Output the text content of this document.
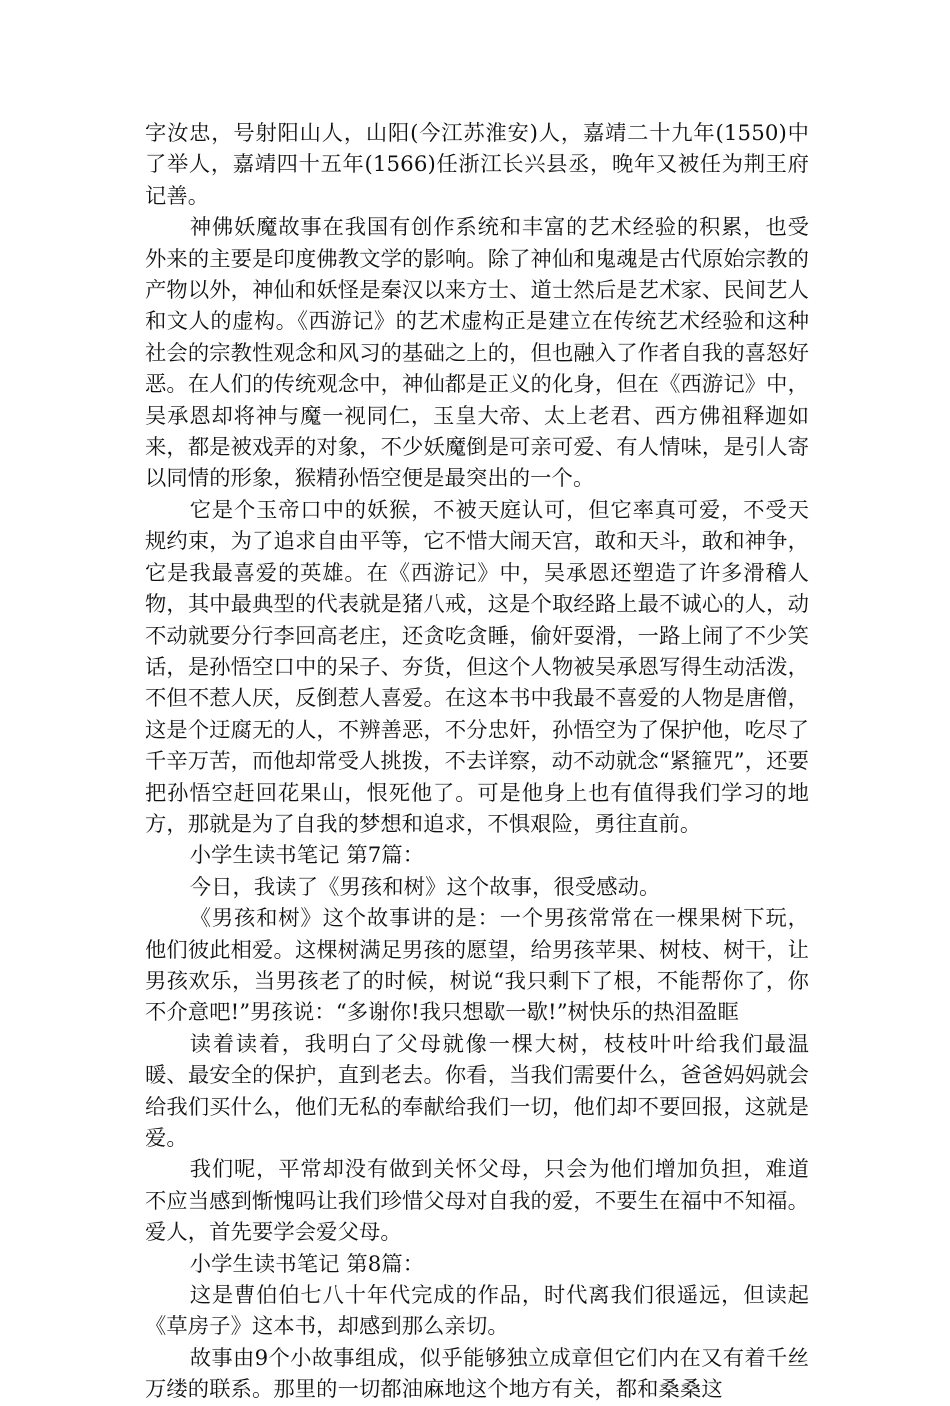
字汝忠，号射阳山人，山阳(今江苏淮安)人，嘉靖二十九年(1550)中了举人，嘉靖四十五年(1566)任浙江长兴县丞，晚年又被任为荆王府记善。

神佛妖魔故事在我国有创作系统和丰富的艺术经验的积累，也受外来的主要是印度佛教文学的影响。除了神仙和鬼魂是古代原始宗教的产物以外，神仙和妖怪是秦汉以来方士、道士然后是艺术家、民间艺人和文人的虚构。《西游记》的艺术虚构正是建立在传统艺术经验和这种社会的宗教性观念和风习的基础之上的，但也融入了作者自我的喜怒好恶。在人们的传统观念中，神仙都是正义的化身，但在《西游记》中，吴承恩却将神与魔一视同仁，玉皇大帝、太上老君、西方佛祖释迦如来，都是被戏弄的对象，不少妖魔倒是可亲可爱、有人情味，是引人寄以同情的形象，猴精孙悟空便是最突出的一个。

它是个玉帝口中的妖猴，不被天庭认可，但它率真可爱，不受天规约束，为了追求自由平等，它不惜大闹天宫，敢和天斗，敢和神争，它是我最喜爱的英雄。在《西游记》中，吴承恩还塑造了许多滑稽人物，其中最典型的代表就是猪八戒，这是个取经路上最不诚心的人，动不动就要分行李回高老庄，还贪吃贪睡，偷奸耍滑，一路上闹了不少笑话，是孙悟空口中的呆子、夯货，但这个人物被吴承恩写得生动活泼，不但不惹人厌，反倒惹人喜爱。在这本书中我最不喜爱的人物是唐僧，这是个迂腐无的人，不辨善恶，不分忠奸，孙悟空为了保护他，吃尽了千辛万苦，而他却常受人挑拨，不去详察，动不动就念“紧箍咒”，还要把孙悟空赶回花果山，恨死他了。可是他身上也有值得我们学习的地方，那就是为了自我的梦想和追求，不惧艰险，勇往直前。

小学生读书笔记 第7篇：

今日，我读了《男孩和树》这个故事，很受感动。

《男孩和树》这个故事讲的是：一个男孩常常在一棵果树下玩，他们彼此相爱。这棵树满足男孩的愿望，给男孩苹果、树枝、树干，让男孩欢乐，当男孩老了的时候，树说“我只剩下了根，不能帮你了，你不介意吧!”男孩说：“多谢你!我只想歇一歇!”树快乐的热泪盈眶

读着读着，我明白了父母就像一棵大树，枝枝叶叶给我们最温暖、最安全的保护，直到老去。你看，当我们需要什么，爸爸妈妈就会给我们买什么，他们无私的奉献给我们一切，他们却不要回报，这就是爱。

我们呢，平常却没有做到关怀父母，只会为他们增加负担，难道不应当感到惭愧吗让我们珍惜父母对自我的爱，不要生在福中不知福。爱人，首先要学会爱父母。

小学生读书笔记 第8篇：

这是曹伯伯七八十年代完成的作品，时代离我们很遥远，但读起《草房子》这本书，却感到那么亲切。

故事由9个小故事组成，似乎能够独立成章但它们内在又有着千丝万缕的联系。那里的一切都油麻地这个地方有关，都和桑桑这
